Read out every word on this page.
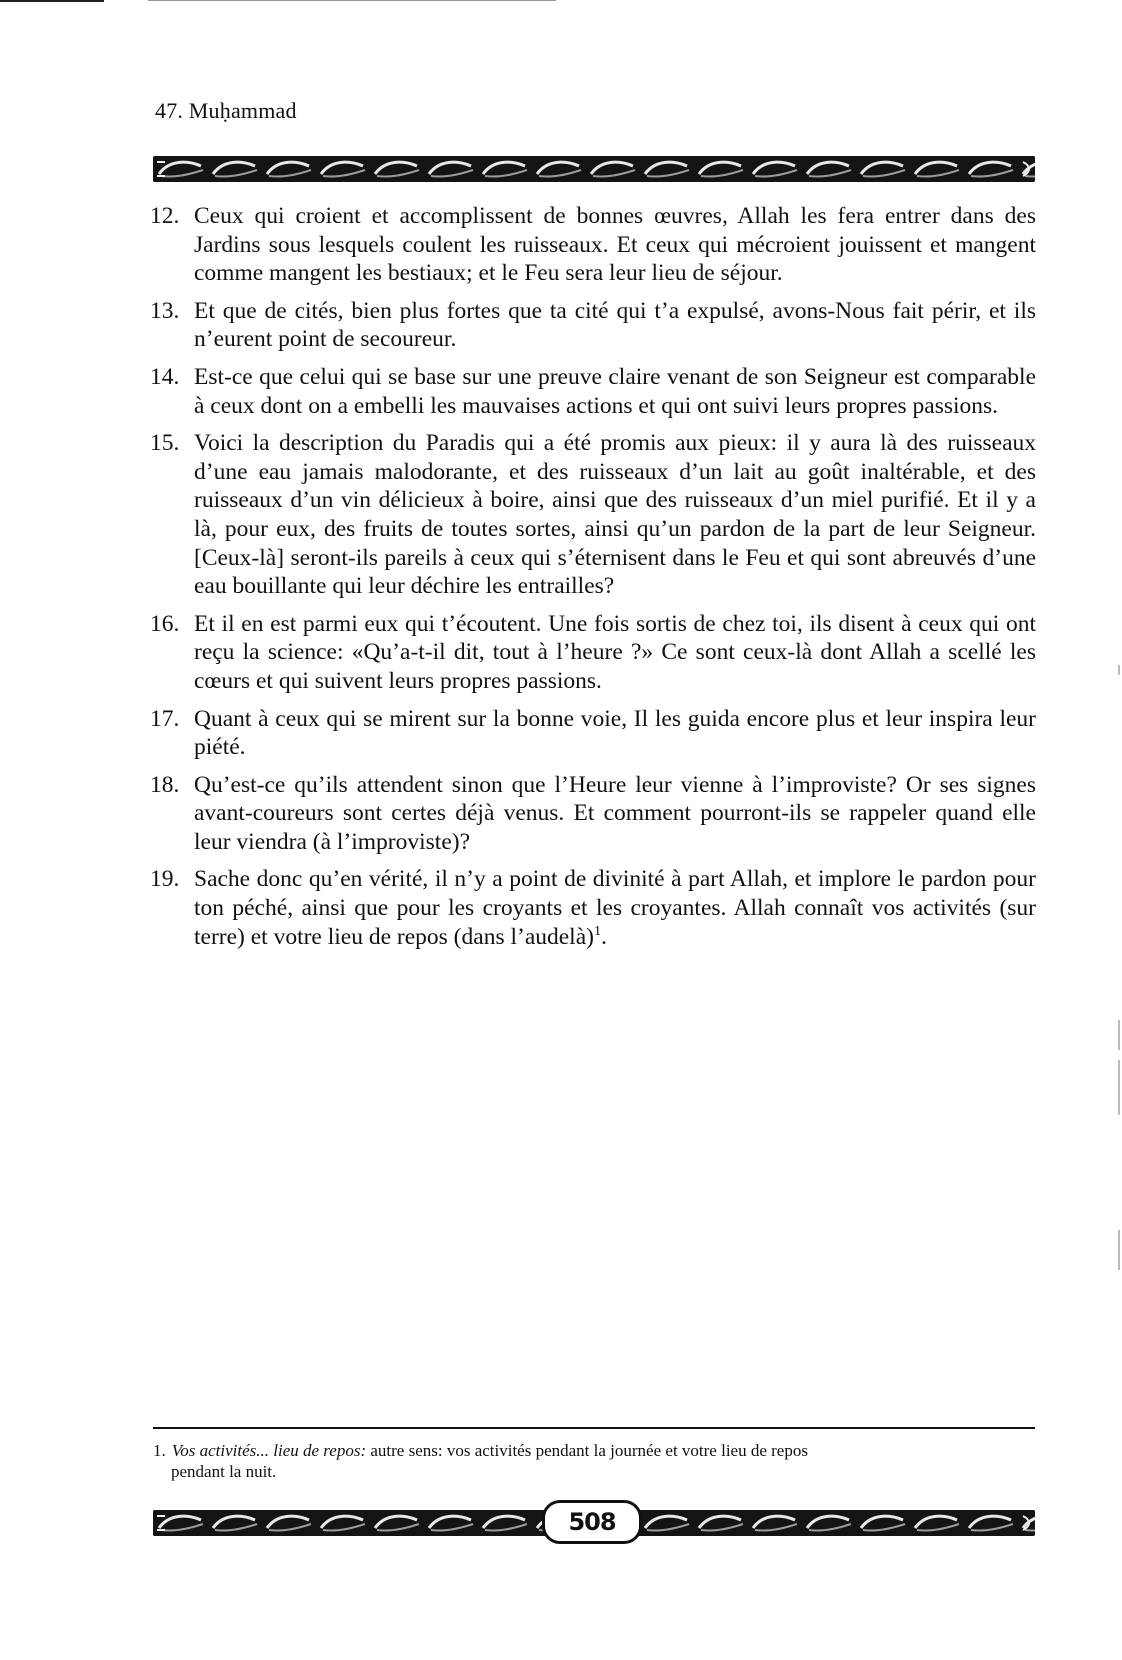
47. Muḥammad
12. Ceux qui croient et accomplissent de bonnes œuvres, Allah les fera entrer dans des Jardins sous lesquels coulent les ruisseaux. Et ceux qui mécroient jouissent et mangent comme mangent les bestiaux; et le Feu sera leur lieu de séjour.
13. Et que de cités, bien plus fortes que ta cité qui t’a expulsé, avons-Nous fait périr, et ils n’eurent point de secoureur.
14. Est-ce que celui qui se base sur une preuve claire venant de son Seigneur est comparable à ceux dont on a embelli les mauvaises actions et qui ont suivi leurs propres passions.
15. Voici la description du Paradis qui a été promis aux pieux: il y aura là des ruisseaux d’une eau jamais malodorante, et des ruisseaux d’un lait au goût inaltérable, et des ruisseaux d’un vin délicieux à boire, ainsi que des ruisseaux d’un miel purifié. Et il y a là, pour eux, des fruits de toutes sortes, ainsi qu’un pardon de la part de leur Seigneur. [Ceux-là] seront-ils pareils à ceux qui s’éternisent dans le Feu et qui sont abreuvés d’une eau bouillante qui leur déchire les entrailles?
16. Et il en est parmi eux qui t’écoutent. Une fois sortis de chez toi, ils disent à ceux qui ont reçu la science: «Qu’a-t-il dit, tout à l’heure ?» Ce sont ceux-là dont Allah a scellé les cœurs et qui suivent leurs propres passions.
17. Quant à ceux qui se mirent sur la bonne voie, Il les guida encore plus et leur inspira leur piété.
18. Qu’est-ce qu’ils attendent sinon que l’Heure leur vienne à l’improviste? Or ses signes avant-coureurs sont certes déjà venus. Et comment pourront-ils se rappeler quand elle leur viendra (à l’improviste)?
19. Sache donc qu’en vérité, il n’y a point de divinité à part Allah, et implore le pardon pour ton péché, ainsi que pour les croyants et les croyantes. Allah connaît vos activités (sur terre) et votre lieu de repos (dans l’audelà)$^1$.
1. Vos activités... lieu de repos: autre sens: vos activités pendant la journée et votre lieu de repos
pendant la nuit.
508
